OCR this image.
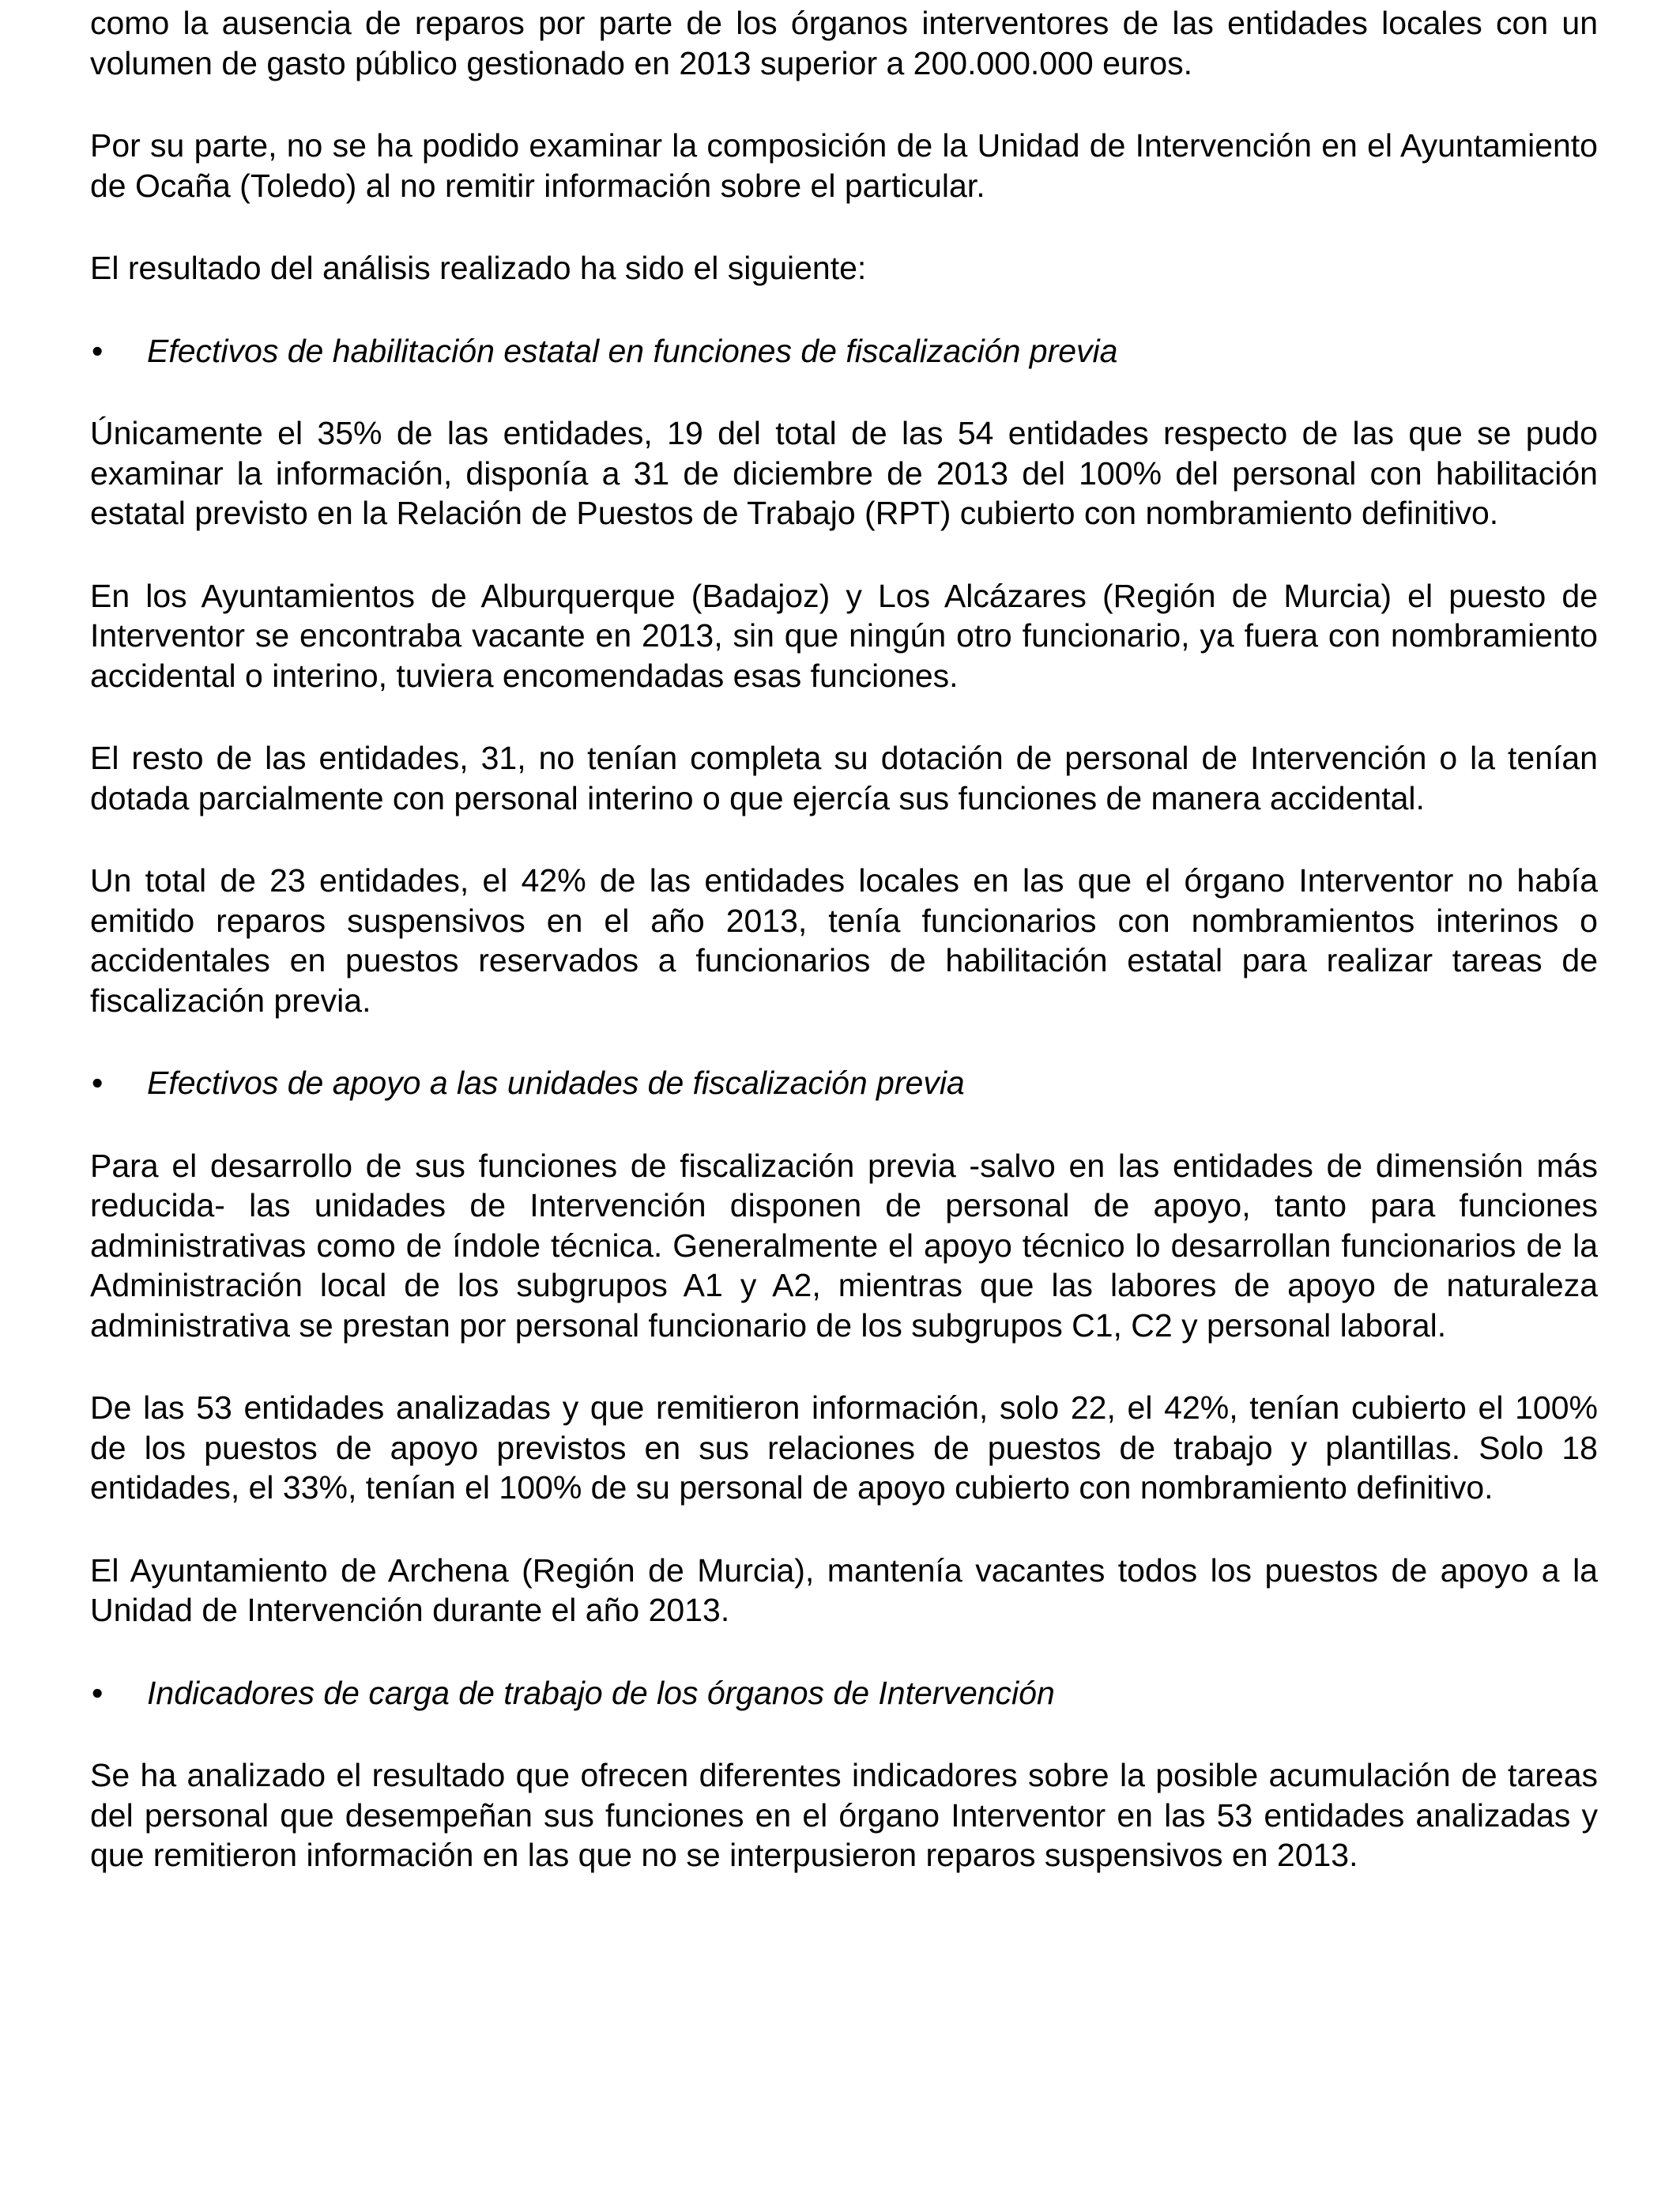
como la ausencia de reparos por parte de los órganos interventores de las entidades locales con un volumen de gasto público gestionado en 2013 superior a 200.000.000 euros.

Por su parte, no se ha podido examinar la composición de la Unidad de Intervención en el Ayuntamiento de Ocaña (Toledo) al no remitir información sobre el particular.

El resultado del análisis realizado ha sido el siguiente:

• Efectivos de habilitación estatal en funciones de fiscalización previa

Únicamente el 35% de las entidades, 19 del total de las 54 entidades respecto de las que se pudo examinar la información, disponía a 31 de diciembre de 2013 del 100% del personal con habilitación estatal previsto en la Relación de Puestos de Trabajo (RPT) cubierto con nombramiento definitivo.

En los Ayuntamientos de Alburquerque (Badajoz) y Los Alcázares (Región de Murcia) el puesto de Interventor se encontraba vacante en 2013, sin que ningún otro funcionario, ya fuera con nombramiento accidental o interino, tuviera encomendadas esas funciones.

El resto de las entidades, 31, no tenían completa su dotación de personal de Intervención o la tenían dotada parcialmente con personal interino o que ejercía sus funciones de manera accidental.

Un total de 23 entidades, el 42% de las entidades locales en las que el órgano Interventor no había emitido reparos suspensivos en el año 2013, tenía funcionarios con nombramientos interinos o accidentales en puestos reservados a funcionarios de habilitación estatal para realizar tareas de fiscalización previa.

• Efectivos de apoyo a las unidades de fiscalización previa

Para el desarrollo de sus funciones de fiscalización previa -salvo en las entidades de dimensión más reducida- las unidades de Intervención disponen de personal de apoyo, tanto para funciones administrativas como de índole técnica. Generalmente el apoyo técnico lo desarrollan funcionarios de la Administración local de los subgrupos A1 y A2, mientras que las labores de apoyo de naturaleza administrativa se prestan por personal funcionario de los subgrupos C1, C2 y personal laboral.

De las 53 entidades analizadas y que remitieron información, solo 22, el 42%, tenían cubierto el 100% de los puestos de apoyo previstos en sus relaciones de puestos de trabajo y plantillas. Solo 18 entidades, el 33%, tenían el 100% de su personal de apoyo cubierto con nombramiento definitivo.

El Ayuntamiento de Archena (Región de Murcia), mantenía vacantes todos los puestos de apoyo a la Unidad de Intervención durante el año 2013.

• Indicadores de carga de trabajo de los órganos de Intervención

Se ha analizado el resultado que ofrecen diferentes indicadores sobre la posible acumulación de tareas del personal que desempeñan sus funciones en el órgano Interventor en las 53 entidades analizadas y que remitieron información en las que no se interpusieron reparos suspensivos en 2013.
